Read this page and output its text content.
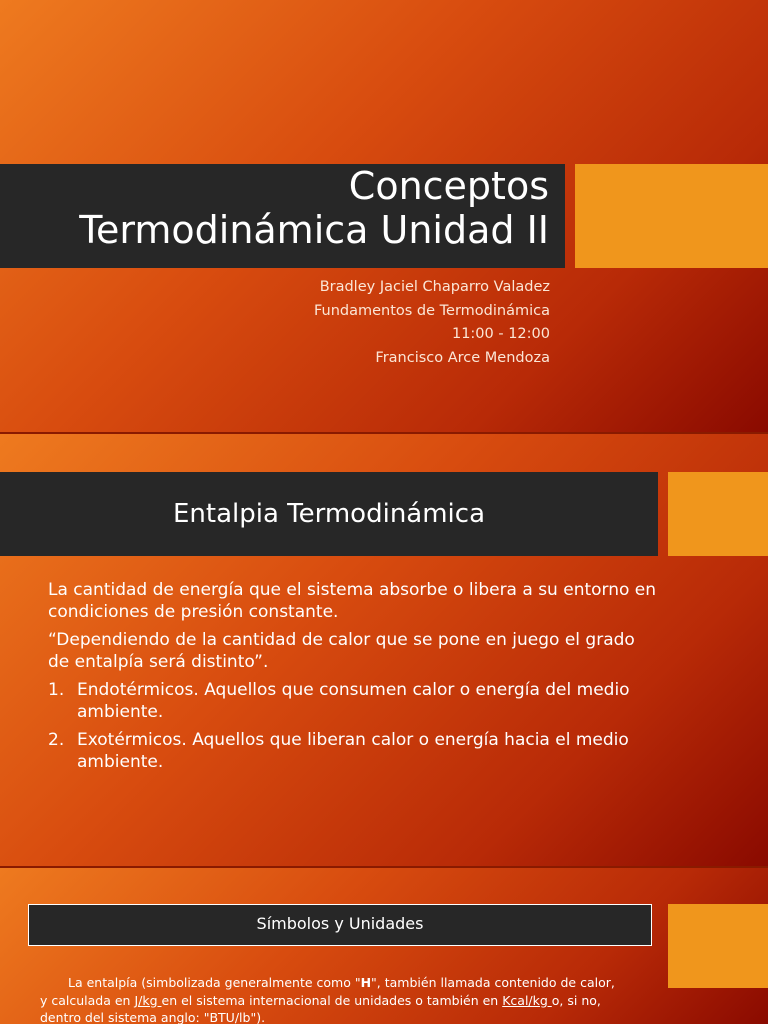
Conceptos
Termodinámica Unidad II
Bradley Jaciel Chaparro Valadez
Fundamentos de Termodinámica
11:00 - 12:00
Francisco Arce Mendoza
Entalpia Termodinámica

La cantidad de energía que el sistema absorbe o libera a su entorno en condiciones de presión constante.

“Dependiendo de la cantidad de calor que se pone en juego el grado de entalpía será distinto”.

1. Endotérmicos. Aquellos que consumen calor o energía del medio ambiente.
2. Exotérmicos. Aquellos que liberan calor o energía hacia el medio ambiente.
Símbolos y Unidades
La entalpía (simbolizada generalmente como "H", también llamada contenido de calor,
y calculada en J/kg en el sistema internacional de unidades o también en Kcal/kg o, si no,
dentro del sistema anglo: "BTU/lb").
